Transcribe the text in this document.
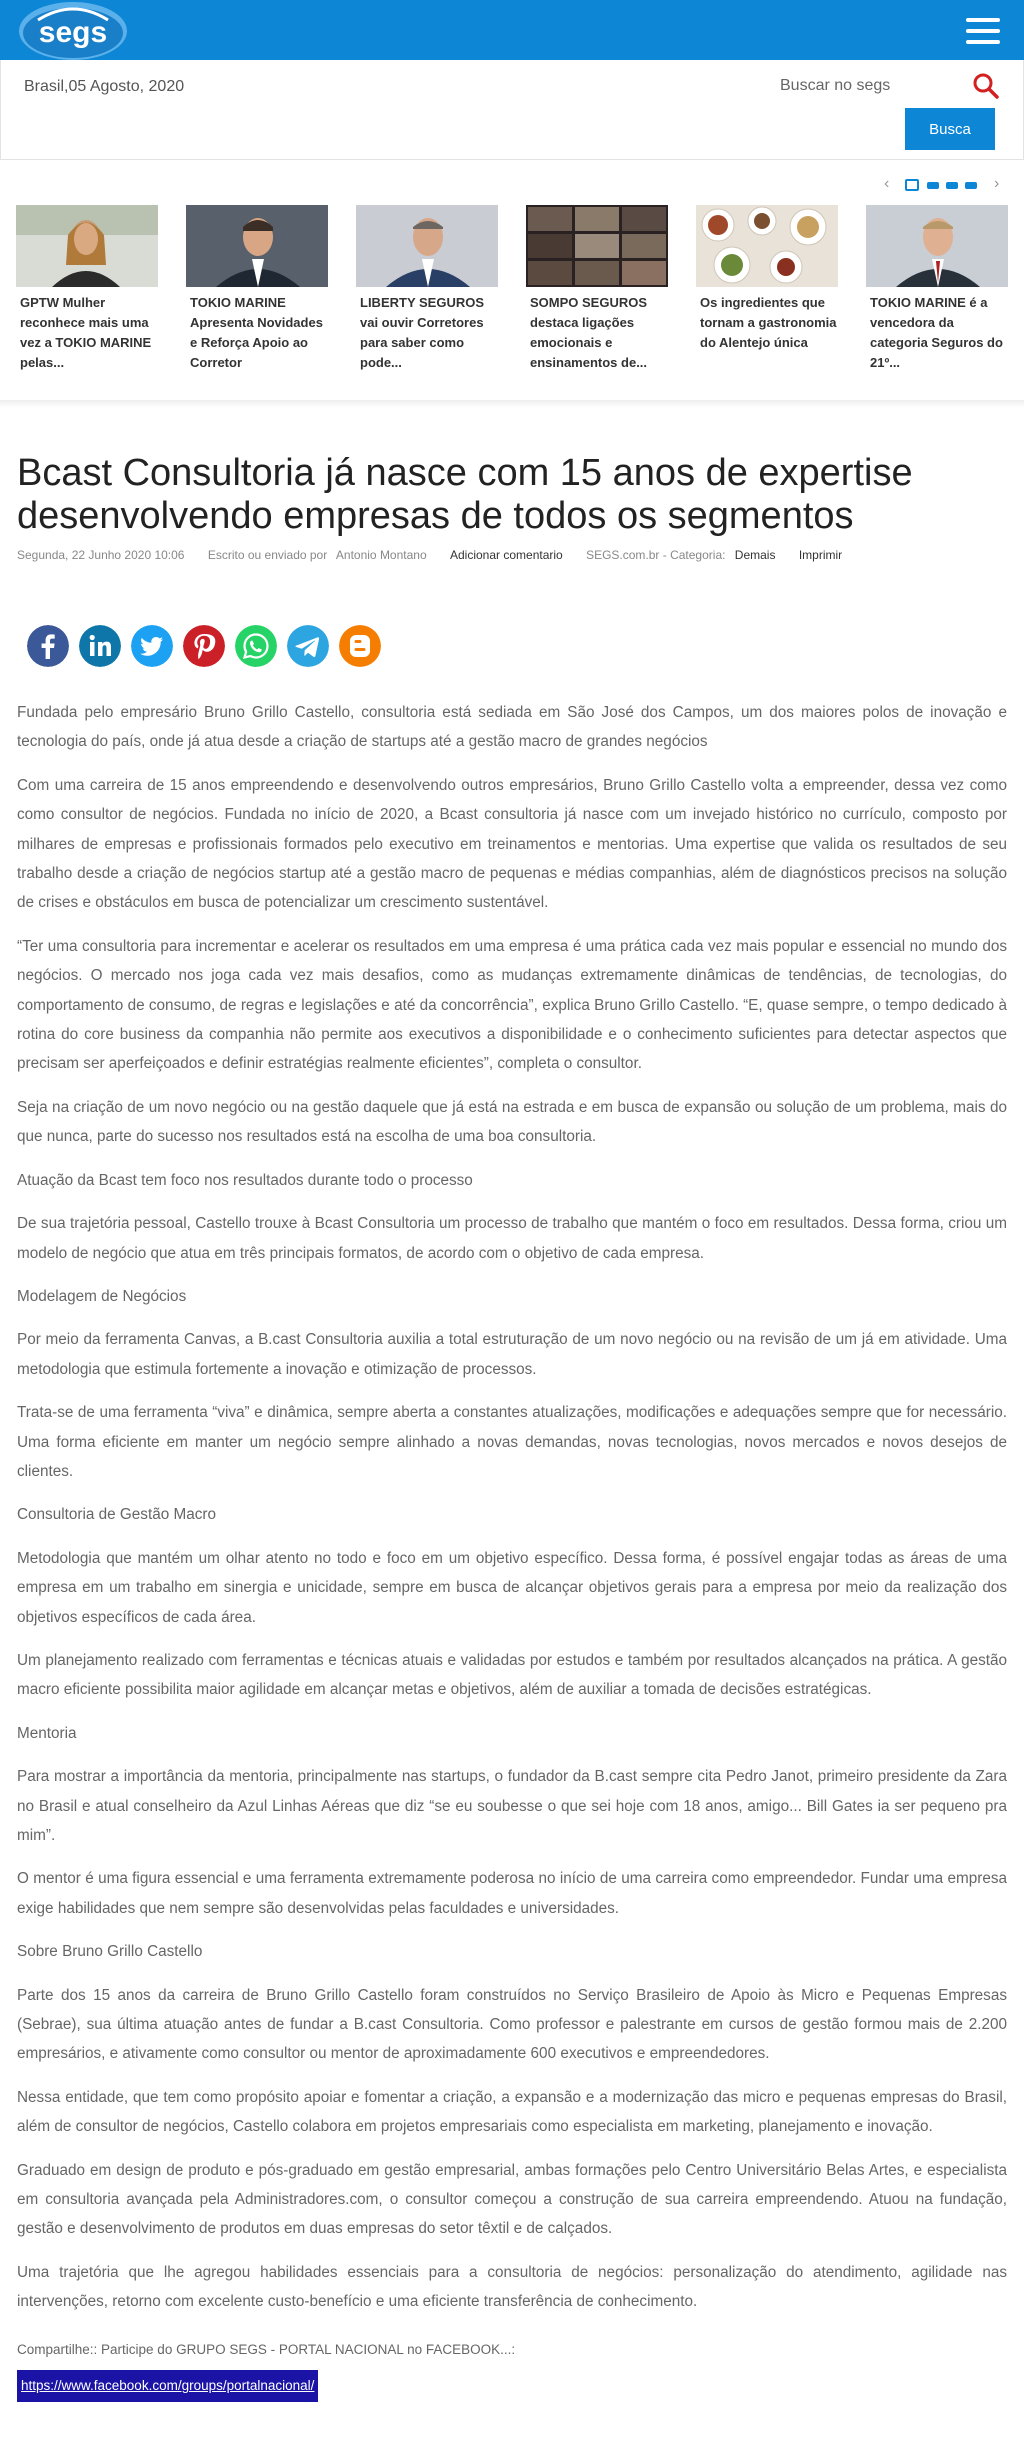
segs
Brasil,05 Agosto, 2020
Buscar no segs
Busca
‹	›
GPTW Mulher reconhece mais uma vez a TOKIO MARINE pelas...
TOKIO MARINE Apresenta Novidades e Reforça Apoio ao Corretor
LIBERTY SEGUROS vai ouvir Corretores para saber como pode...
SOMPO SEGUROS destaca ligações emocionais e ensinamentos de...
Os ingredientes que tornam a gastronomia do Alentejo única
TOKIO MARINE é a vencedora da categoria Seguros do 21º...
Bcast Consultoria já nasce com 15 anos de expertise desenvolvendo empresas de todos os segmentos
Segunda, 22 Junho 2020 10:06 Escrito ou enviado por Antonio Montano Adicionar comentario SEGS.com.br - Categoria: Demais Imprimir

Fundada pelo empresário Bruno Grillo Castello, consultoria está sediada em São José dos Campos, um dos maiores polos de inovação e tecnologia do país, onde já atua desde a criação de startups até a gestão macro de grandes negócios

Com uma carreira de 15 anos empreendendo e desenvolvendo outros empresários, Bruno Grillo Castello volta a empreender, dessa vez como como consultor de negócios. Fundada no início de 2020, a Bcast consultoria já nasce com um invejado histórico no currículo, composto por milhares de empresas e profissionais formados pelo executivo em treinamentos e mentorias. Uma expertise que valida os resultados de seu trabalho desde a criação de negócios startup até a gestão macro de pequenas e médias companhias, além de diagnósticos precisos na solução de crises e obstáculos em busca de potencializar um crescimento sustentável.

“Ter uma consultoria para incrementar e acelerar os resultados em uma empresa é uma prática cada vez mais popular e essencial no mundo dos negócios. O mercado nos joga cada vez mais desafios, como as mudanças extremamente dinâmicas de tendências, de tecnologias, do comportamento de consumo, de regras e legislações e até da concorrência”, explica Bruno Grillo Castello. “E, quase sempre, o tempo dedicado à rotina do core business da companhia não permite aos executivos a disponibilidade e o conhecimento suficientes para detectar aspectos que precisam ser aperfeiçoados e definir estratégias realmente eficientes”, completa o consultor.

Seja na criação de um novo negócio ou na gestão daquele que já está na estrada e em busca de expansão ou solução de um problema, mais do que nunca, parte do sucesso nos resultados está na escolha de uma boa consultoria.

Atuação da Bcast tem foco nos resultados durante todo o processo

De sua trajetória pessoal, Castello trouxe à Bcast Consultoria um processo de trabalho que mantém o foco em resultados. Dessa forma, criou um modelo de negócio que atua em três principais formatos, de acordo com o objetivo de cada empresa.

Modelagem de Negócios

Por meio da ferramenta Canvas, a B.cast Consultoria auxilia a total estruturação de um novo negócio ou na revisão de um já em atividade. Uma metodologia que estimula fortemente a inovação e otimização de processos.

Trata-se de uma ferramenta “viva” e dinâmica, sempre aberta a constantes atualizações, modificações e adequações sempre que for necessário. Uma forma eficiente em manter um negócio sempre alinhado a novas demandas, novas tecnologias, novos mercados e novos desejos de clientes.

Consultoria de Gestão Macro

Metodologia que mantém um olhar atento no todo e foco em um objetivo específico. Dessa forma, é possível engajar todas as áreas de uma empresa em um trabalho em sinergia e unicidade, sempre em busca de alcançar objetivos gerais para a empresa por meio da realização dos objetivos específicos de cada área.

Um planejamento realizado com ferramentas e técnicas atuais e validadas por estudos e também por resultados alcançados na prática. A gestão macro eficiente possibilita maior agilidade em alcançar metas e objetivos, além de auxiliar a tomada de decisões estratégicas.

Mentoria

Para mostrar a importância da mentoria, principalmente nas startups, o fundador da B.cast sempre cita Pedro Janot, primeiro presidente da Zara no Brasil e atual conselheiro da Azul Linhas Aéreas que diz “se eu soubesse o que sei hoje com 18 anos, amigo... Bill Gates ia ser pequeno pra mim”.

O mentor é uma figura essencial e uma ferramenta extremamente poderosa no início de uma carreira como empreendedor. Fundar uma empresa exige habilidades que nem sempre são desenvolvidas pelas faculdades e universidades.

Sobre Bruno Grillo Castello

Parte dos 15 anos da carreira de Bruno Grillo Castello foram construídos no Serviço Brasileiro de Apoio às Micro e Pequenas Empresas (Sebrae), sua última atuação antes de fundar a B.cast Consultoria. Como professor e palestrante em cursos de gestão formou mais de 2.200 empresários, e ativamente como consultor ou mentor de aproximadamente 600 executivos e empreendedores.

Nessa entidade, que tem como propósito apoiar e fomentar a criação, a expansão e a modernização das micro e pequenas empresas do Brasil, além de consultor de negócios, Castello colabora em projetos empresariais como especialista em marketing, planejamento e inovação.

Graduado em design de produto e pós-graduado em gestão empresarial, ambas formações pelo Centro Universitário Belas Artes, e especialista em consultoria avançada pela Administradores.com, o consultor começou a construção de sua carreira empreendendo. Atuou na fundação, gestão e desenvolvimento de produtos em duas empresas do setor têxtil e de calçados.

Uma trajetória que lhe agregou habilidades essenciais para a consultoria de negócios: personalização do atendimento, agilidade nas intervenções, retorno com excelente custo-benefício e uma eficiente transferência de conhecimento.

Compartilhe:: Participe do GRUPO SEGS - PORTAL NACIONAL no FACEBOOK...:
https://www.facebook.com/groups/portalnacional/
